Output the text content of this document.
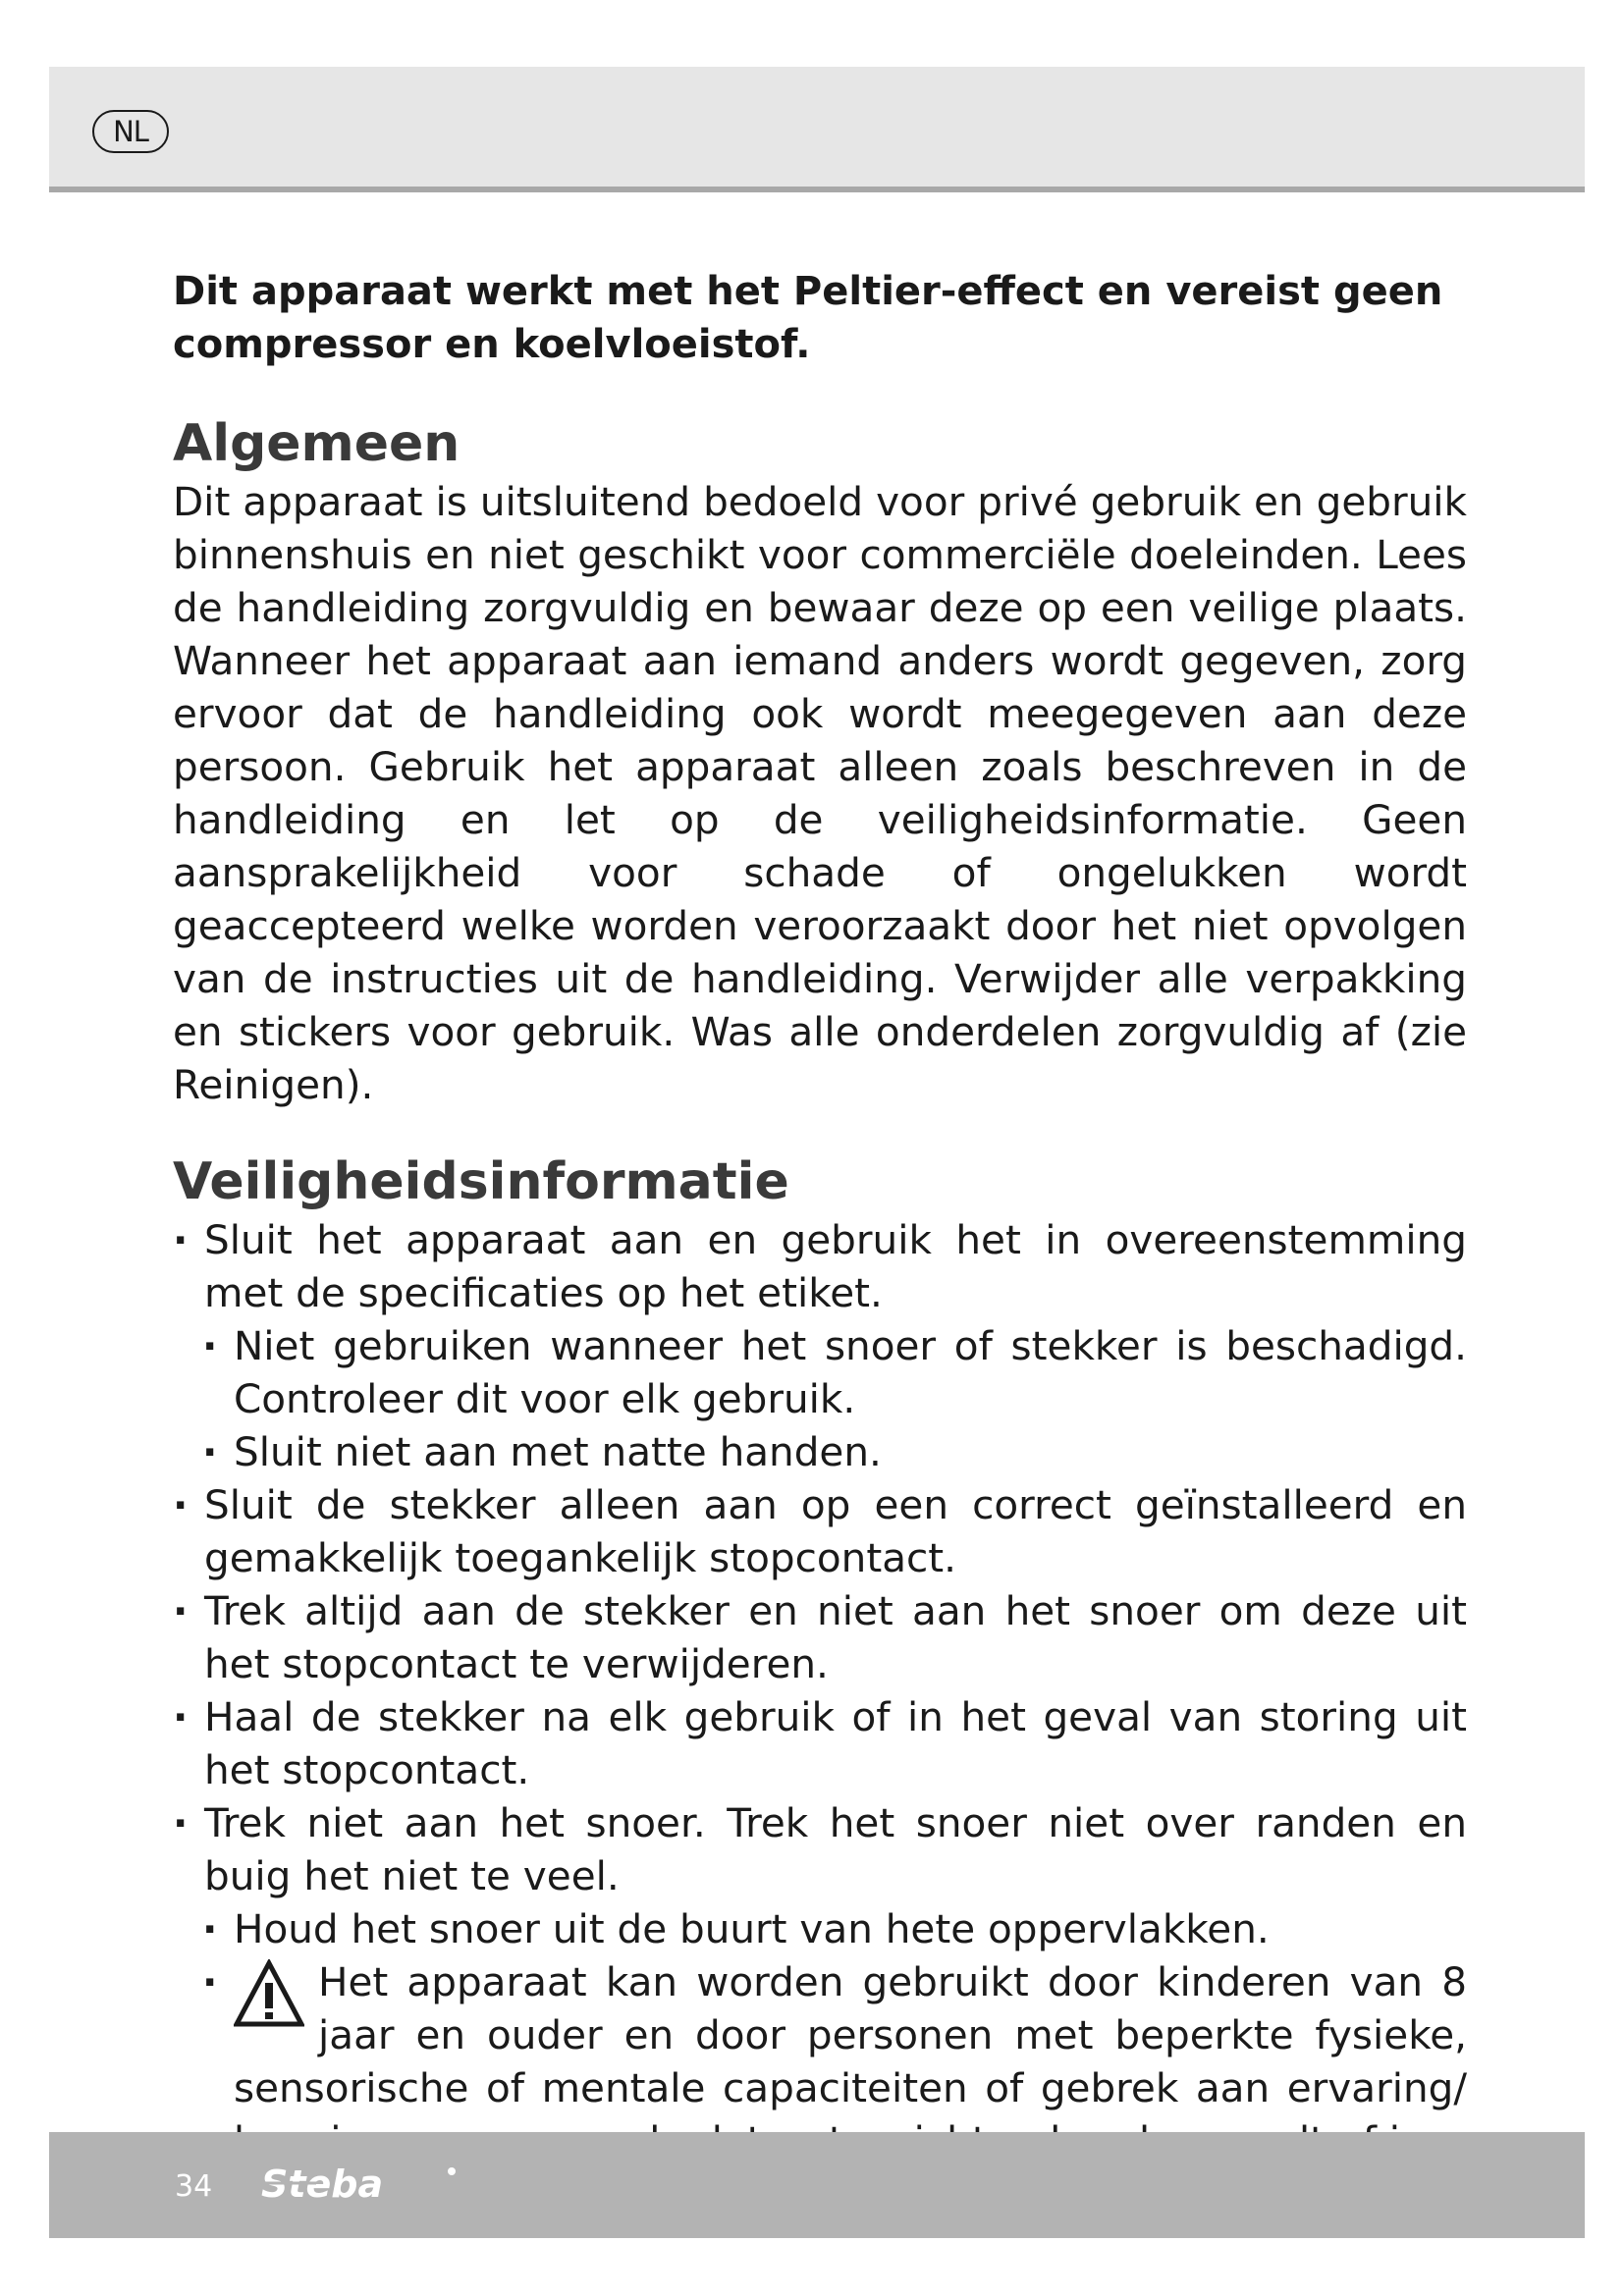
NL

Dit apparaat werkt met het Peltier-effect en vereist geen compressor en koelvloeistof.

Algemeen

Dit apparaat is uitsluitend bedoeld voor privé gebruik en gebruik binnenshuis en niet geschikt voor commerciële doeleinden. Lees de handleiding zorgvuldig en bewaar deze op een veilige plaats. Wanneer het apparaat aan iemand anders wordt gegeven, zorg ervoor dat de handleiding ook wordt meegegeven aan deze persoon. Gebruik het apparaat alleen zoals beschreven in de handleiding en let op de veiligheidsinformatie. Geen aansprakelijkheid voor schade of ongelukken wordt geaccepteerd welke worden veroorzaakt door het niet opvolgen van de instructies uit de handleiding. Verwijder alle verpakking en stickers voor gebruik. Was alle onderdelen zorgvuldig af (zie Reinigen).

Veiligheidsinformatie
· Sluit het apparaat aan en gebruik het in overeenstemming met de specificaties op het etiket.
· Niet gebruiken wanneer het snoer of stekker is beschadigd. Controleer dit voor elk gebruik.
· Sluit niet aan met natte handen.
· Sluit de stekker alleen aan op een correct geïnstalleerd en gemakkelijk toegankelijk stopcontact.
· Trek altijd aan de stekker en niet aan het snoer om deze uit het stopcontact te verwijderen.
· Haal de stekker na elk gebruik of in het geval van storing uit het stopcontact.
· Trek niet aan het snoer. Trek het snoer niet over randen en buig het niet te veel.
· Houd het snoer uit de buurt van hete oppervlakken.
· Het apparaat kan worden gebruikt door kinderen van 8 jaar en ouder en door personen met beperkte fysieke, sensorische of mentale capaciteiten of gebrek aan ervaring/
34 Steba
